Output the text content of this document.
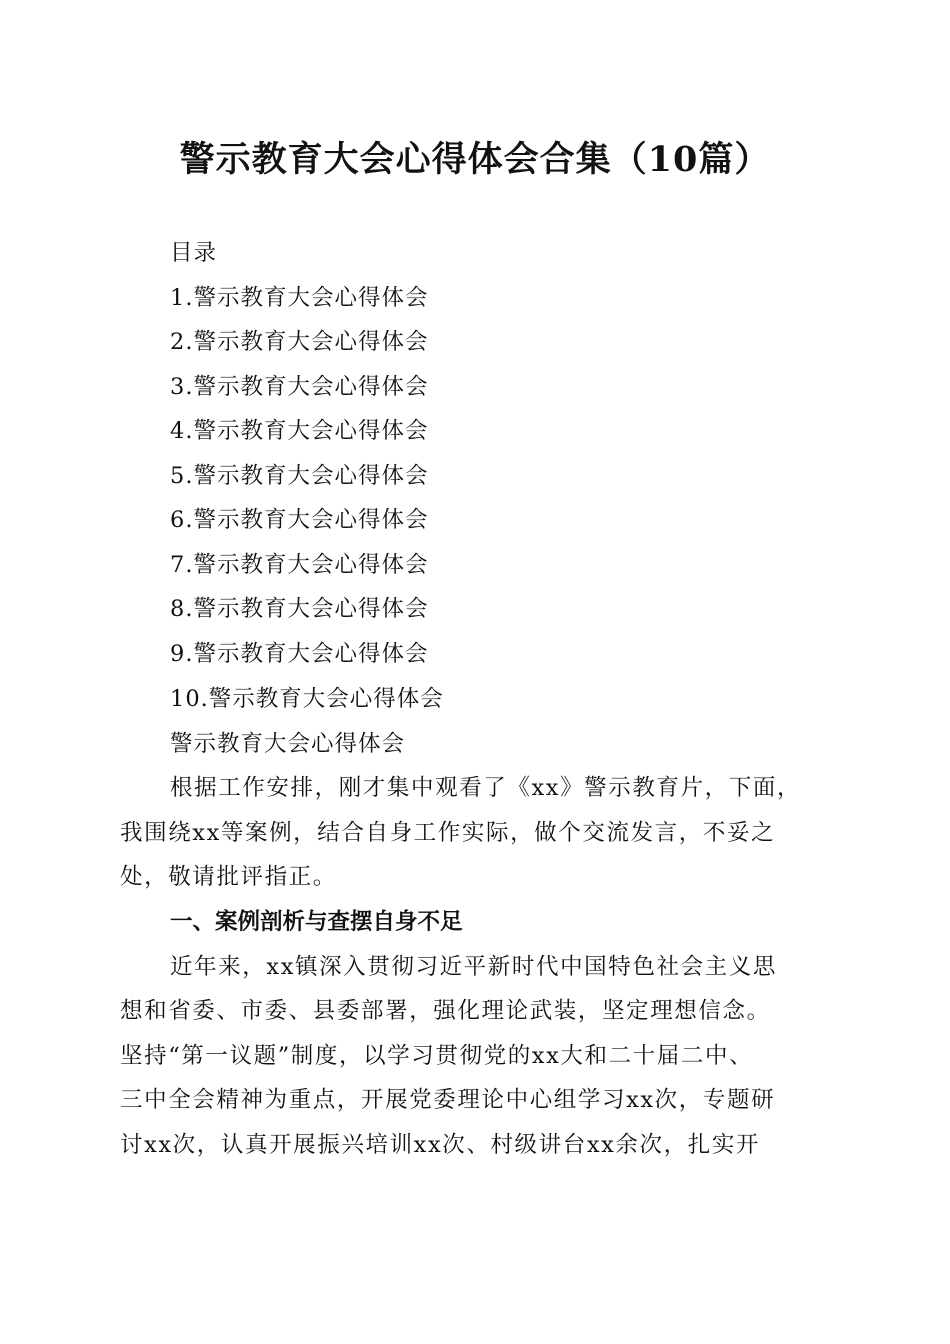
警示教育大会心得体会合集（10篇）
目录
1.警示教育大会心得体会
2.警示教育大会心得体会
3.警示教育大会心得体会
4.警示教育大会心得体会
5.警示教育大会心得体会
6.警示教育大会心得体会
7.警示教育大会心得体会
8.警示教育大会心得体会
9.警示教育大会心得体会
10.警示教育大会心得体会
警示教育大会心得体会
根据工作安排，刚才集中观看了《xx》警示教育片，下面，
我围绕xx等案例，结合自身工作实际，做个交流发言，不妥之
处，敬请批评指正。
一、案例剖析与查摆自身不足
近年来，xx镇深入贯彻习近平新时代中国特色社会主义思
想和省委、市委、县委部署，强化理论武装，坚定理想信念。
坚持“第一议题”制度，以学习贯彻党的xx大和二十届二中、
三中全会精神为重点，开展党委理论中心组学习xx次，专题研
讨xx次，认真开展振兴培训xx次、村级讲台xx余次，扎实开
